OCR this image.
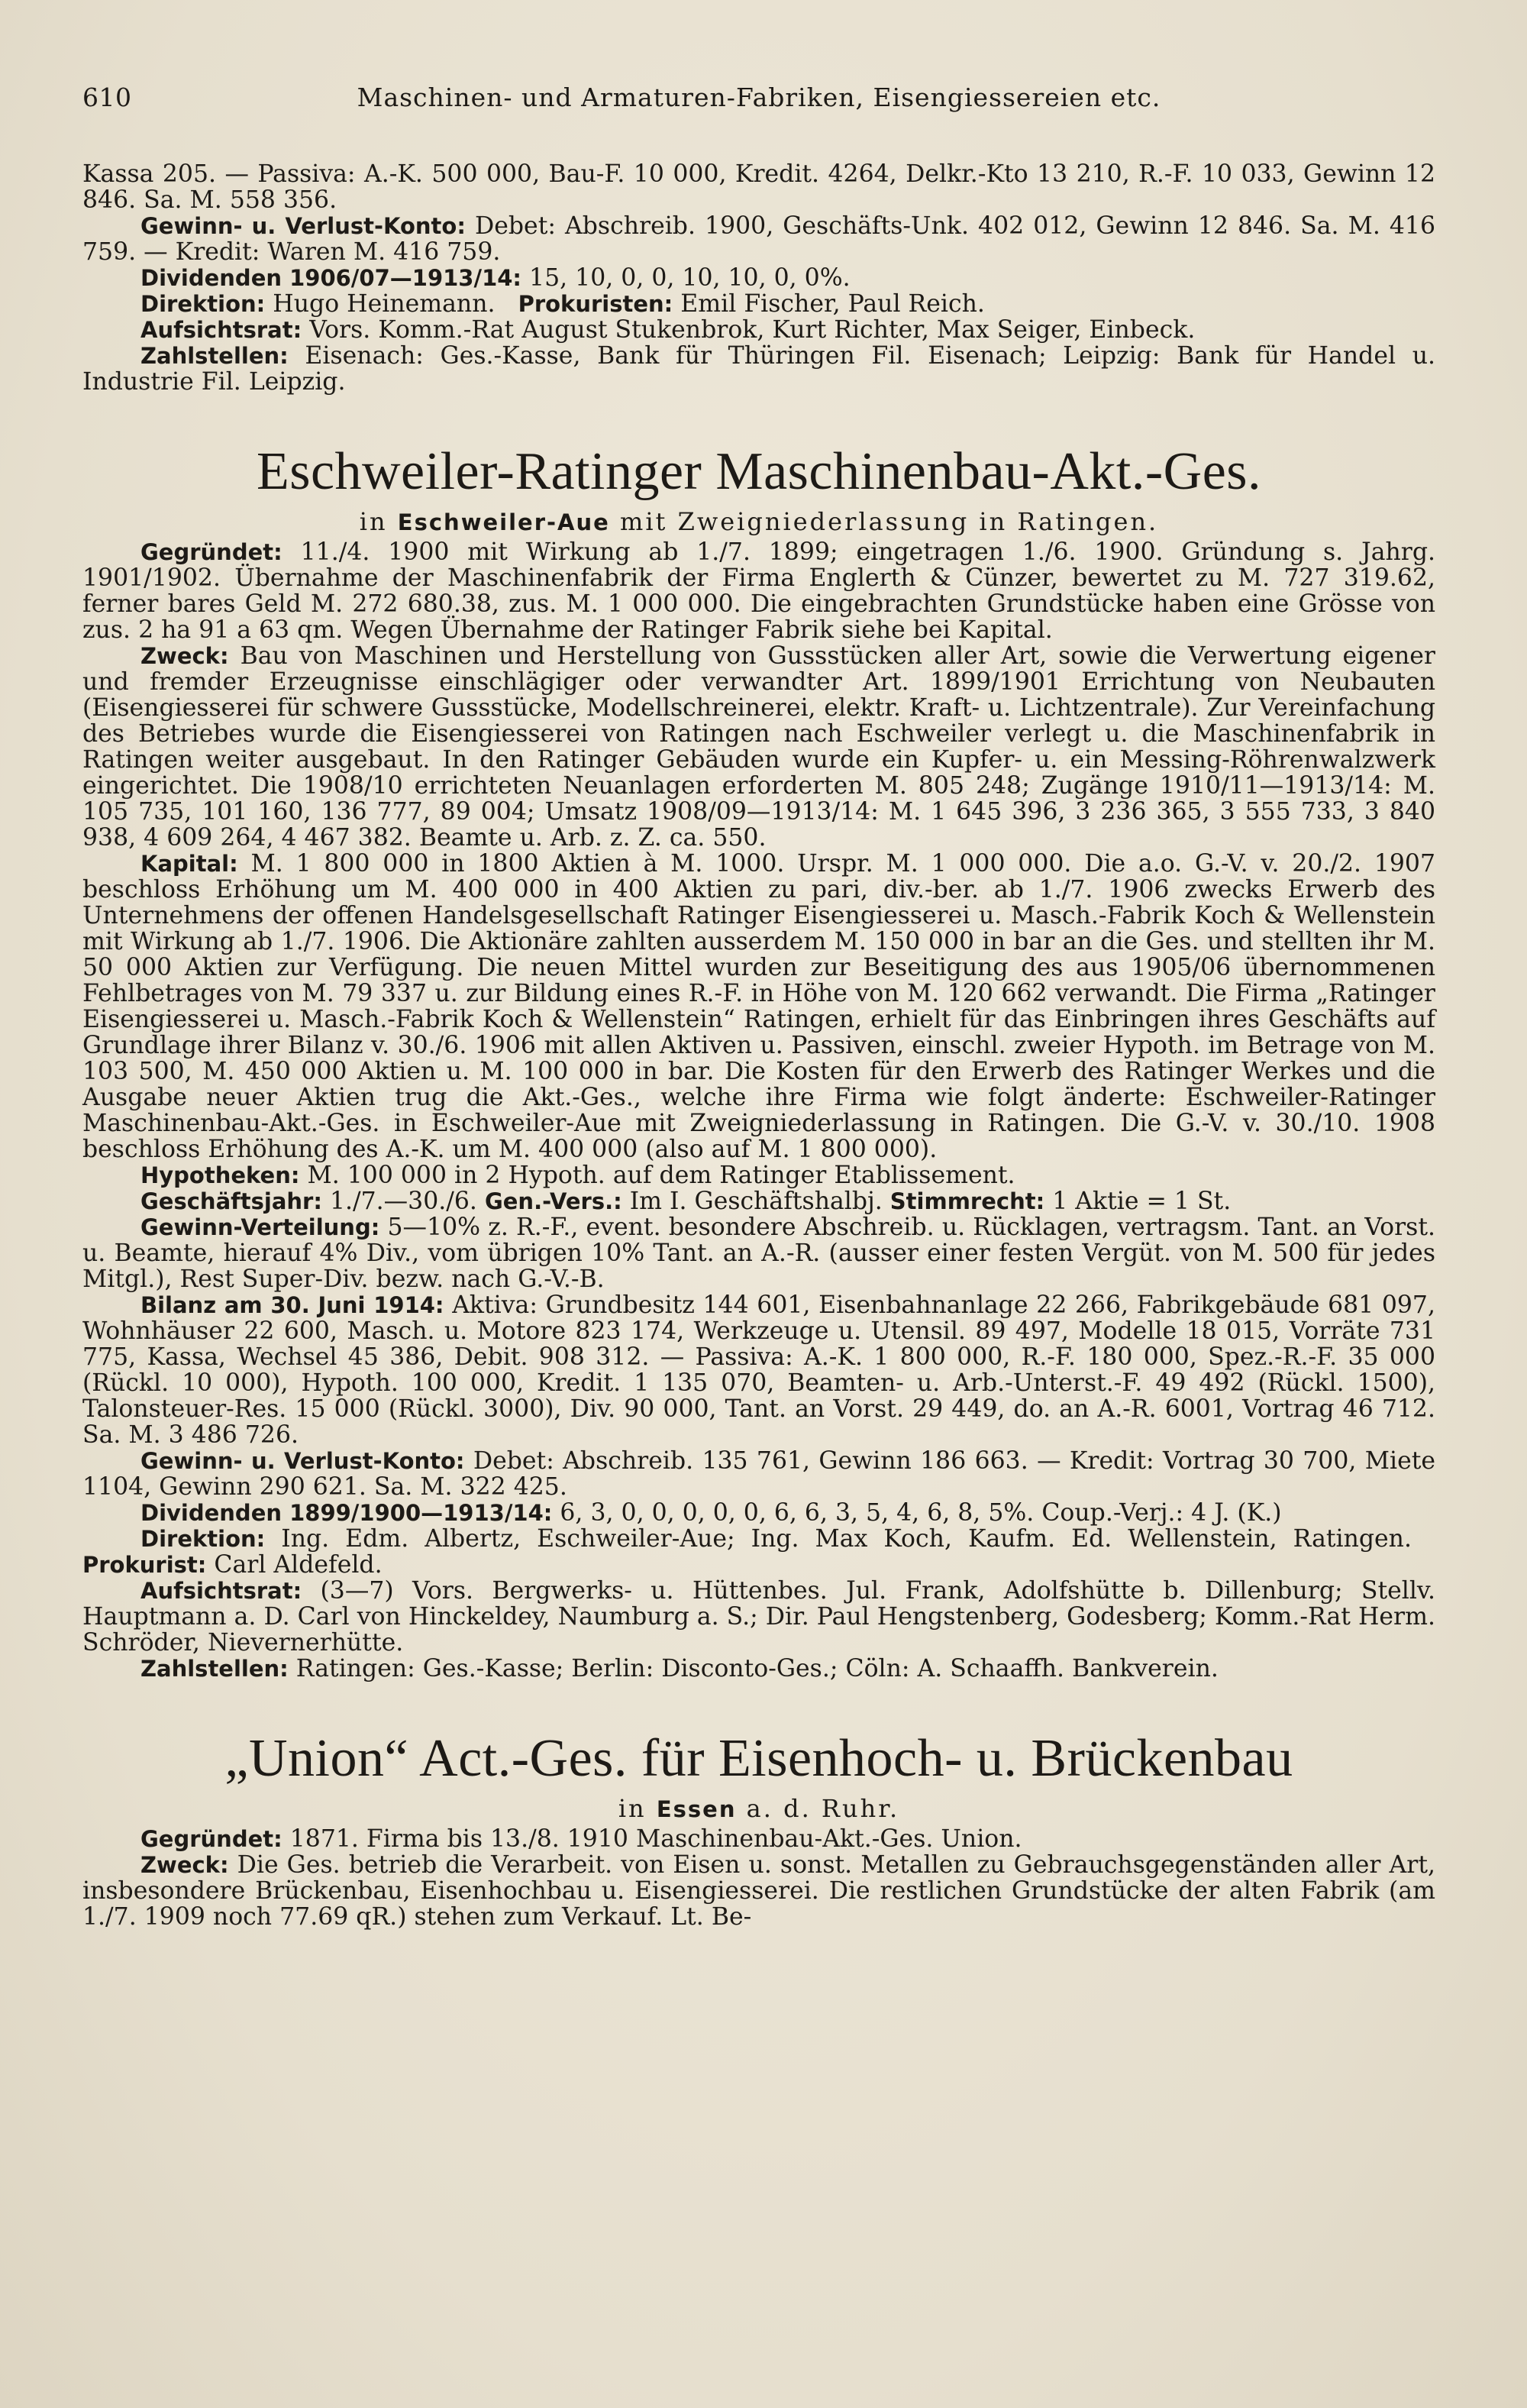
610	Maschinen- und Armaturen-Fabriken, Eisengiessereien etc.

Kassa 205. — Passiva: A.-K. 500 000, Bau-F. 10 000, Kredit. 4264, Delkr.-Kto 13 210, R.-F. 10 033, Gewinn 12 846. Sa. M. 558 356.

Gewinn- u. Verlust-Konto: Debet: Abschreib. 1900, Geschäfts-Unk. 402 012, Gewinn 12 846. Sa. M. 416 759. — Kredit: Waren M. 416 759.

Dividenden 1906/07—1913/14: 15, 10, 0, 0, 10, 10, 0, 0%.

Direktion: Hugo Heinemann. Prokuristen: Emil Fischer, Paul Reich.

Aufsichtsrat: Vors. Komm.-Rat August Stukenbrok, Kurt Richter, Max Seiger, Einbeck.

Zahlstellen: Eisenach: Ges.-Kasse, Bank für Thüringen Fil. Eisenach; Leipzig: Bank für Handel u. Industrie Fil. Leipzig.

Eschweiler-Ratinger Maschinenbau-Akt.-Ges.
in Eschweiler-Aue mit Zweigniederlassung in Ratingen.

Gegründet: 11./4. 1900 mit Wirkung ab 1./7. 1899; eingetragen 1./6. 1900. Gründung s. Jahrg. 1901/1902. Übernahme der Maschinenfabrik der Firma Englerth & Cünzer, bewertet zu M. 727 319.62, ferner bares Geld M. 272 680.38, zus. M. 1 000 000. Die eingebrachten Grundstücke haben eine Grösse von zus. 2 ha 91 a 63 qm. Wegen Übernahme der Ratinger Fabrik siehe bei Kapital.

Zweck: Bau von Maschinen und Herstellung von Gussstücken aller Art, sowie die Verwertung eigener und fremder Erzeugnisse einschlägiger oder verwandter Art. 1899/1901 Errichtung von Neubauten (Eisengiesserei für schwere Gussstücke, Modellschreinerei, elektr. Kraft- u. Lichtzentrale). Zur Vereinfachung des Betriebes wurde die Eisengiesserei von Ratingen nach Eschweiler verlegt u. die Maschinenfabrik in Ratingen weiter ausgebaut. In den Ratinger Gebäuden wurde ein Kupfer- u. ein Messing-Röhrenwalzwerk eingerichtet. Die 1908/10 errichteten Neuanlagen erforderten M. 805 248; Zugänge 1910/11—1913/14: M. 105 735, 101 160, 136 777, 89 004; Umsatz 1908/09—1913/14: M. 1 645 396, 3 236 365, 3 555 733, 3 840 938, 4 609 264, 4 467 382. Beamte u. Arb. z. Z. ca. 550.

Kapital: M. 1 800 000 in 1800 Aktien à M. 1000. Urspr. M. 1 000 000. Die a.o. G.-V. v. 20./2. 1907 beschloss Erhöhung um M. 400 000 in 400 Aktien zu pari, div.-ber. ab 1./7. 1906 zwecks Erwerb des Unternehmens der offenen Handelsgesellschaft Ratinger Eisengiesserei u. Masch.-Fabrik Koch & Wellenstein mit Wirkung ab 1./7. 1906. Die Aktionäre zahlten ausserdem M. 150 000 in bar an die Ges. und stellten ihr M. 50 000 Aktien zur Verfügung. Die neuen Mittel wurden zur Beseitigung des aus 1905/06 übernommenen Fehlbetrages von M. 79 337 u. zur Bildung eines R.-F. in Höhe von M. 120 662 verwandt. Die Firma „Ratinger Eisengiesserei u. Masch.-Fabrik Koch & Wellenstein“ Ratingen, erhielt für das Einbringen ihres Geschäfts auf Grundlage ihrer Bilanz v. 30./6. 1906 mit allen Aktiven u. Passiven, einschl. zweier Hypoth. im Betrage von M. 103 500, M. 450 000 Aktien u. M. 100 000 in bar. Die Kosten für den Erwerb des Ratinger Werkes und die Ausgabe neuer Aktien trug die Akt.-Ges., welche ihre Firma wie folgt änderte: Eschweiler-Ratinger Maschinenbau-Akt.-Ges. in Eschweiler-Aue mit Zweigniederlassung in Ratingen. Die G.-V. v. 30./10. 1908 beschloss Erhöhung des A.-K. um M. 400 000 (also auf M. 1 800 000).

Hypotheken: M. 100 000 in 2 Hypoth. auf dem Ratinger Etablissement.

Geschäftsjahr: 1./7.—30./6. Gen.-Vers.: Im I. Geschäftshalbj. Stimmrecht: 1 Aktie = 1 St.

Gewinn-Verteilung: 5—10% z. R.-F., event. besondere Abschreib. u. Rücklagen, vertragsm. Tant. an Vorst. u. Beamte, hierauf 4% Div., vom übrigen 10% Tant. an A.-R. (ausser einer festen Vergüt. von M. 500 für jedes Mitgl.), Rest Super-Div. bezw. nach G.-V.-B.

Bilanz am 30. Juni 1914: Aktiva: Grundbesitz 144 601, Eisenbahnanlage 22 266, Fabrikgebäude 681 097, Wohnhäuser 22 600, Masch. u. Motore 823 174, Werkzeuge u. Utensil. 89 497, Modelle 18 015, Vorräte 731 775, Kassa, Wechsel 45 386, Debit. 908 312. — Passiva: A.-K. 1 800 000, R.-F. 180 000, Spez.-R.-F. 35 000 (Rückl. 10 000), Hypoth. 100 000, Kredit. 1 135 070, Beamten- u. Arb.-Unterst.-F. 49 492 (Rückl. 1500), Talonsteuer-Res. 15 000 (Rückl. 3000), Div. 90 000, Tant. an Vorst. 29 449, do. an A.-R. 6001, Vortrag 46 712. Sa. M. 3 486 726.

Gewinn- u. Verlust-Konto: Debet: Abschreib. 135 761, Gewinn 186 663. — Kredit: Vortrag 30 700, Miete 1104, Gewinn 290 621. Sa. M. 322 425.

Dividenden 1899/1900—1913/14: 6, 3, 0, 0, 0, 0, 0, 6, 6, 3, 5, 4, 6, 8, 5%. Coup.-Verj.: 4 J. (K.)

Direktion: Ing. Edm. Albertz, Eschweiler-Aue; Ing. Max Koch, Kaufm. Ed. Wellenstein, Ratingen.   Prokurist: Carl Aldefeld.

Aufsichtsrat: (3—7) Vors. Bergwerks- u. Hüttenbes. Jul. Frank, Adolfshütte b. Dillenburg; Stellv. Hauptmann a. D. Carl von Hinckeldey, Naumburg a. S.; Dir. Paul Hengstenberg, Godesberg; Komm.-Rat Herm. Schröder, Nievernerhütte.

Zahlstellen: Ratingen: Ges.-Kasse; Berlin: Disconto-Ges.; Cöln: A. Schaaffh. Bankverein.

„Union“ Act.-Ges. für Eisenhoch- u. Brückenbau
in Essen a. d. Ruhr.

Gegründet: 1871. Firma bis 13./8. 1910 Maschinenbau-Akt.-Ges. Union.

Zweck: Die Ges. betrieb die Verarbeit. von Eisen u. sonst. Metallen zu Gebrauchsgegenständen aller Art, insbesondere Brückenbau, Eisenhochbau u. Eisengiesserei. Die restlichen Grundstücke der alten Fabrik (am 1./7. 1909 noch 77.69 qR.) stehen zum Verkauf. Lt. Be-
